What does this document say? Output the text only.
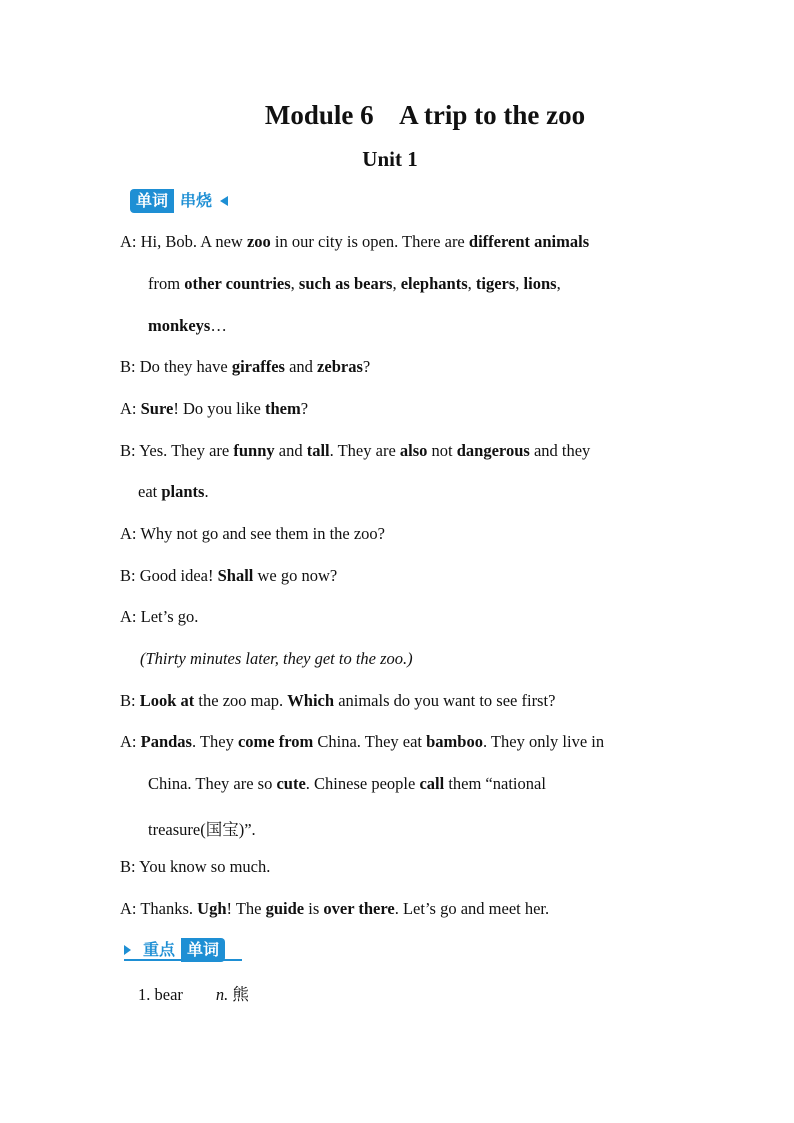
Module 6    A trip to the zoo
Unit 1
单词 串烧
A: Hi, Bob. A new zoo in our city is open. There are different animals
from other countries, such as bears, elephants, tigers, lions,
monkeys…
B: Do they have giraffes and zebras?
A: Sure! Do you like them?
B: Yes. They are funny and tall. They are also not dangerous and they
eat plants.
A: Why not go and see them in the zoo?
B: Good idea! Shall we go now?
A: Let’s go.
(Thirty minutes later, they get to the zoo.)
B: Look at the zoo map. Which animals do you want to see first?
A: Pandas. They come from China. They eat bamboo. They only live in
China. They are so cute. Chinese people call them “national
treasure(国宝)”.
B: You know so much.
A: Thanks. Ugh! The guide is over there. Let’s go and meet her.
重点 单词
1. bear n. 熊
